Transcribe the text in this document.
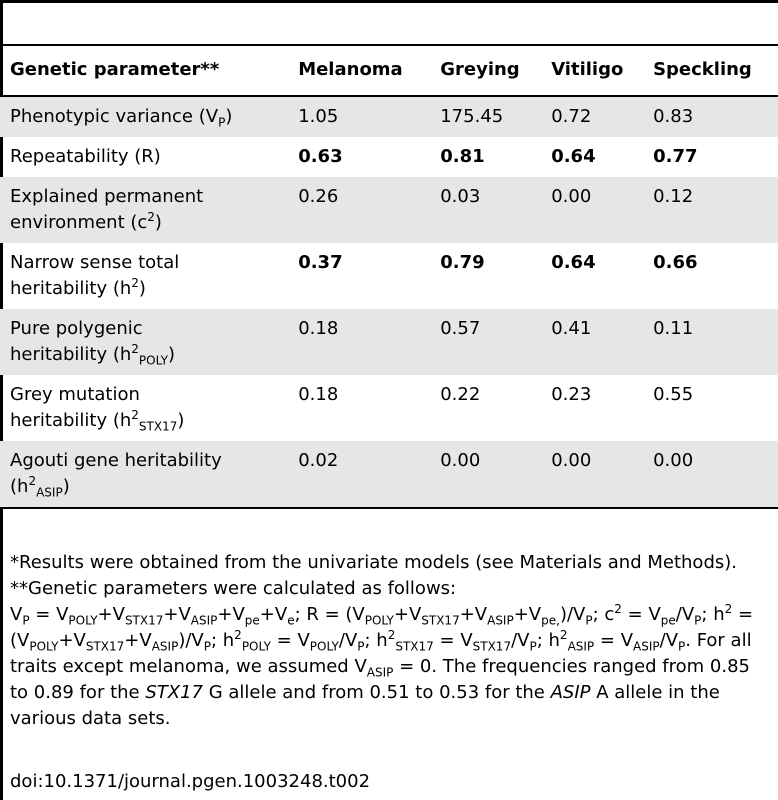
Genetic parameter**	Melanoma	Greying	Vitiligo	Speckling
Phenotypic variance $(V_P)$	1.05	175.45	0.72	0.83
Repeatability (R)	0.63	0.81	0.64	0.77
Explained permanent
environment $(c^2)$	0.26	0.03	0.00	0.12
Narrow sense total
heritability $(h^2)$	0.37	0.79	0.64	0.66
Pure polygenic
heritability $(h^2_{POLY})$	0.18	0.57	0.41	0.11
Grey mutation
heritability $(h^2_{STX17})$	0.18	0.22	0.23	0.55
Agouti gene heritability
$(h^2_{ASIP})$	0.02	0.00	0.00	0.00

*Results were obtained from the univariate models (see Materials and Methods).

**Genetic parameters were calculated as follows:

$V_P = V_{POLY}+V_{STX17}+V_{ASIP}+V_{pe}+V_e$; $R = (V_{POLY}+V_{STX17}+V_{ASIP}+V_{pe,})/V_P$; $c^2 = V_{pe}/V_P$; $h^2 = (V_{POLY}+V_{STX17}+V_{ASIP})/V_P$; $h^2_{POLY} = V_{POLY}/V_P$; $h^2_{STX17} = V_{STX17}/V_P$; $h^2_{ASIP} = V_{ASIP}/V_P$. For all traits except melanoma, we assumed $V_{ASIP} = 0$. The frequencies ranged from 0.85 to 0.89 for the STX17 G allele and from 0.51 to 0.53 for the ASIP A allele in the various data sets.

doi:10.1371/journal.pgen.1003248.t002
